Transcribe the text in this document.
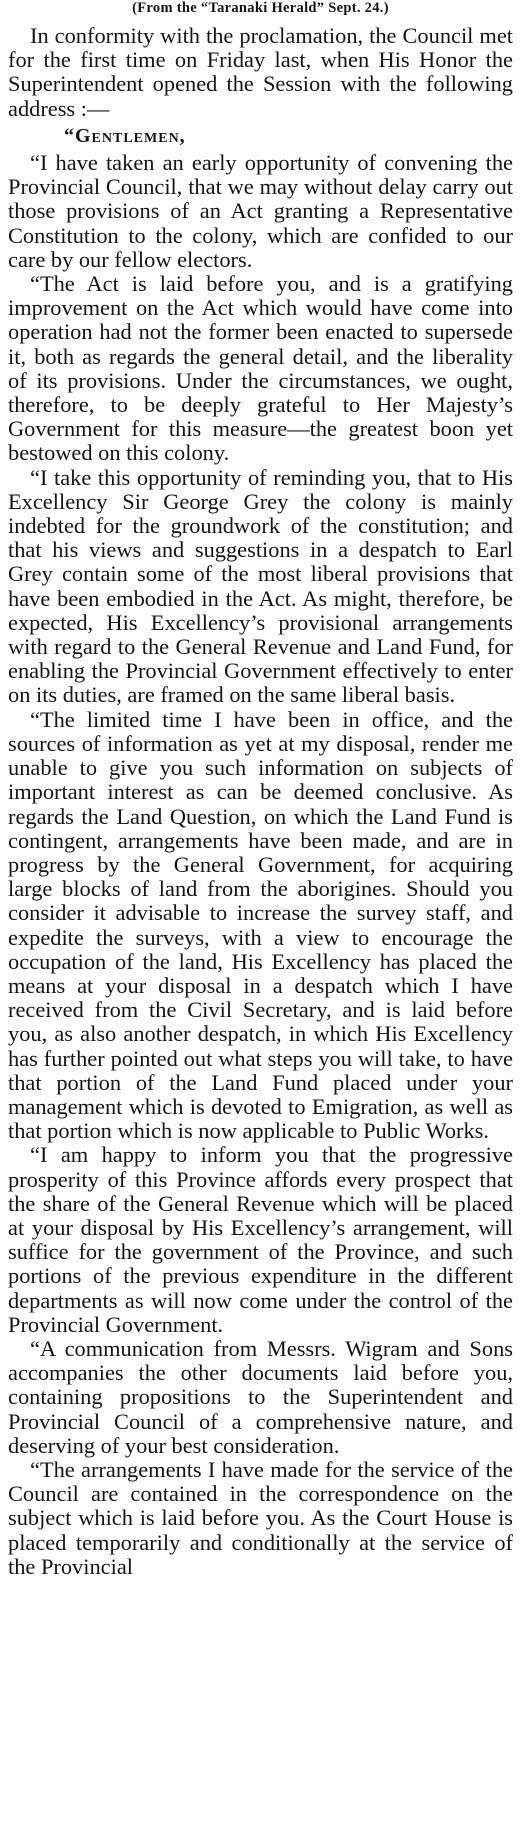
(From the “Taranaki Herald” Sept. 24.)

In conformity with the proclamation, the Council met for the first time on Friday last, when His Honor the Superintendent opened the Session with the following address :—

“Gentlemen,

“I have taken an early opportunity of convening the Provincial Council, that we may without delay carry out those provisions of an Act granting a Representative Constitution to the colony, which are confided to our care by our fellow electors.

“The Act is laid before you, and is a gratifying improvement on the Act which would have come into operation had not the former been enacted to supersede it, both as regards the general detail, and the liberality of its provisions. Under the circumstances, we ought, therefore, to be deeply grateful to Her Majesty’s Government for this measure—the greatest boon yet bestowed on this colony.

“I take this opportunity of reminding you, that to His Excellency Sir George Grey the colony is mainly indebted for the groundwork of the constitution; and that his views and suggestions in a despatch to Earl Grey contain some of the most liberal provisions that have been embodied in the Act. As might, therefore, be expected, His Excellency’s provisional arrangements with regard to the General Revenue and Land Fund, for enabling the Provincial Government effectively to enter on its duties, are framed on the same liberal basis.

“The limited time I have been in office, and the sources of information as yet at my disposal, render me unable to give you such information on subjects of important interest as can be deemed conclusive. As regards the Land Question, on which the Land Fund is contingent, arrangements have been made, and are in progress by the General Government, for acquiring large blocks of land from the aborigines. Should you consider it advisable to increase the survey staff, and expedite the surveys, with a view to encourage the occupation of the land, His Excellency has placed the means at your disposal in a despatch which I have received from the Civil Secretary, and is laid before you, as also another despatch, in which His Excellency has further pointed out what steps you will take, to have that portion of the Land Fund placed under your management which is devoted to Emigration, as well as that portion which is now applicable to Public Works.

“I am happy to inform you that the progressive prosperity of this Province affords every prospect that the share of the General Revenue which will be placed at your disposal by His Excellency’s arrangement, will suffice for the government of the Province, and such portions of the previous expenditure in the different departments as will now come under the control of the Provincial Government.

“A communication from Messrs. Wigram and Sons accompanies the other documents laid before you, containing propositions to the Superintendent and Provincial Council of a comprehensive nature, and deserving of your best consideration.

“The arrangements I have made for the service of the Council are contained in the correspondence on the subject which is laid before you. As the Court House is placed temporarily and conditionally at the service of the Provincial
